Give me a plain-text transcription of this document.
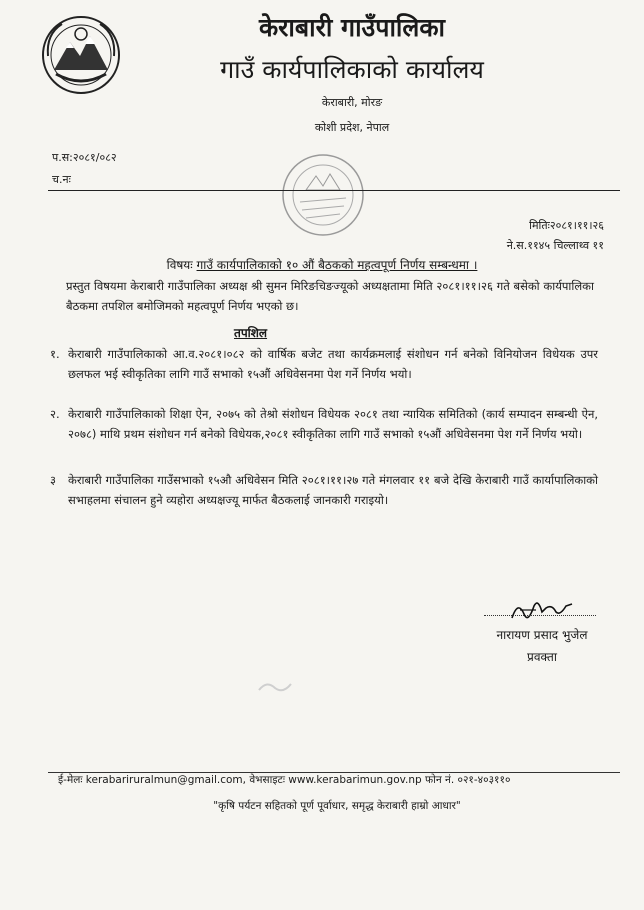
केराबारी गाउँपालिका
गाउँ कार्यपालिकाको कार्यालय
केराबारी, मोरङ
कोशी प्रदेश, नेपाल
प.स:२०८१/०८२
च.नः
मितिः२०८१।११।२६
ने.स.११४५ चिल्लाथ्व ११
विषयः गाउँ कार्यपालिकाको १० औं बैठकको महत्वपूर्ण निर्णय सम्बन्धमा ।
प्रस्तुत विषयमा केराबारी गाउँपालिका अध्यक्ष श्री सुमन मिरिङचिङज्यूको अध्यक्षतामा मिति २०८१।११।२६ गते बसेको कार्यपालिका बैठकमा तपशिल बमोजिमको महत्वपूर्ण निर्णय भएको छ।
तपशिल
१. केराबारी गाउँपालिकाको आ.व.२०८१।०८२ को वार्षिक बजेट तथा कार्यक्रमलाई संशोधन गर्न बनेको विनियोजन विधेयक उपर छलफल भई स्वीकृतिका लागि गाउँ सभाको १५औं अधिवेसनमा पेश गर्ने निर्णय भयो।
२. केराबारी गाउँपालिकाको शिक्षा ऐन, २०७५ को तेश्रो संशोधन विधेयक २०८१ तथा न्यायिक समितिको (कार्य सम्पादन सम्बन्धी ऐन, २०७८) माथि प्रथम संशोधन गर्न बनेको विधेयक,२०८१ स्वीकृतिका लागि गाउँ सभाको १५औं अधिवेसनमा पेश गर्ने निर्णय भयो।
३ केराबारी गाउँपालिका गाउँसभाको १५औ अधिवेसन मिति २०८१।११।२७ गते मंगलवार ११ बजे देखि केराबारी गाउँ कार्यापालिकाको सभाहलमा संचालन हुने व्यहोरा अध्यक्षज्यू मार्फत बैठकलाई जानकारी गराइयो।
नारायण प्रसाद भुजेल
प्रवक्ता
ई-मेलः kerabariruralmun@gmail.com, वेभसाइटः www.kerabarimun.gov.np फोन नं. ०२१-४०३११०
"कृषि पर्यटन सहितको पूर्ण पूर्वाधार, समृद्ध केराबारी हाम्रो आधार"
